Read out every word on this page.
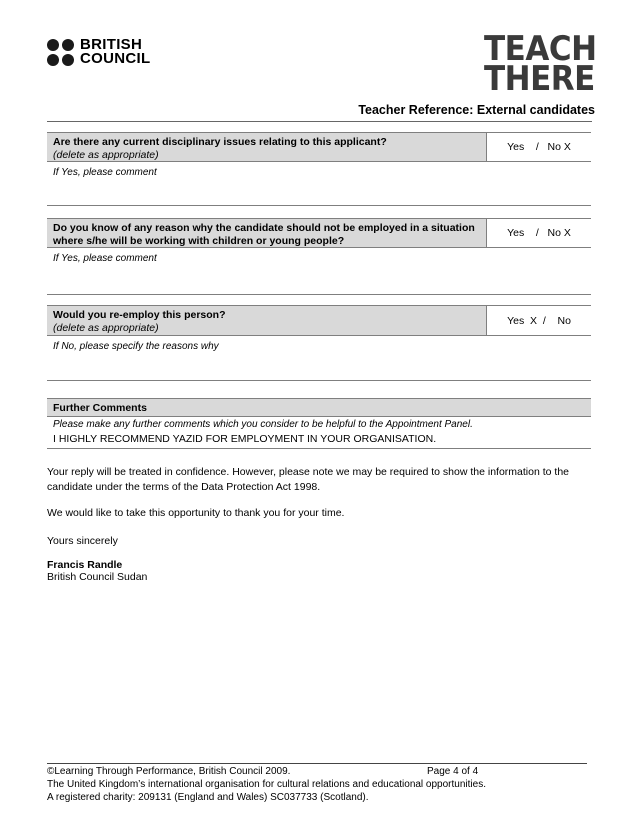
BRITISH
COUNCIL	TEACH
THERE
Teacher Reference: External candidates
Are there any current disciplinary issues relating to this applicant?
(delete as appropriate)
Yes    /   No X
If Yes, please comment
Do you know of any reason why the candidate should not be employed in a situation where s/he will be working with children or young people?
Yes    /   No X
If Yes, please comment
Would you re-employ this person?
(delete as appropriate)
Yes  X  /    No
If No, please specify the reasons why
Further Comments
Please make any further comments which you consider to be helpful to the Appointment Panel.
I HIGHLY RECOMMEND YAZID FOR EMPLOYMENT IN YOUR ORGANISATION.
Your reply will be treated in confidence. However, please note we may be required to show the information to the candidate under the terms of the Data Protection Act 1998.
We would like to take this opportunity to thank you for your time.
Yours sincerely
Francis Randle
British Council Sudan
©Learning Through Performance, British Council 2009.	Page 4 of 4
The United Kingdom’s international organisation for cultural relations and educational opportunities.
A registered charity: 209131 (England and Wales) SC037733 (Scotland).
